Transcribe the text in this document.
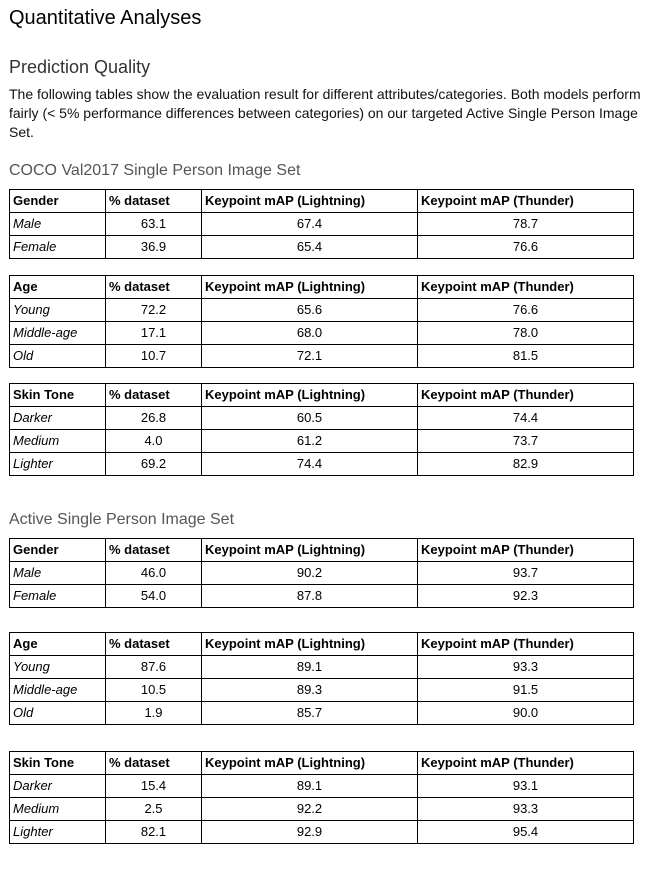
Quantitative Analyses
Prediction Quality

The following tables show the evaluation result for different attributes/categories. Both models perform fairly (< 5% performance differences between categories) on our targeted Active Single Person Image Set.

COCO Val2017 Single Person Image Set
Gender	% dataset	Keypoint mAP (Lightning)	Keypoint mAP (Thunder)
Male	63.1	67.4	78.7
Female	36.9	65.4	76.6
Age	% dataset	Keypoint mAP (Lightning)	Keypoint mAP (Thunder)
Young	72.2	65.6	76.6
Middle-age	17.1	68.0	78.0
Old	10.7	72.1	81.5
Skin Tone	% dataset	Keypoint mAP (Lightning)	Keypoint mAP (Thunder)
Darker	26.8	60.5	74.4
Medium	4.0	61.2	73.7
Lighter	69.2	74.4	82.9
Active Single Person Image Set
Gender	% dataset	Keypoint mAP (Lightning)	Keypoint mAP (Thunder)
Male	46.0	90.2	93.7
Female	54.0	87.8	92.3
Age	% dataset	Keypoint mAP (Lightning)	Keypoint mAP (Thunder)
Young	87.6	89.1	93.3
Middle-age	10.5	89.3	91.5
Old	1.9	85.7	90.0
Skin Tone	% dataset	Keypoint mAP (Lightning)	Keypoint mAP (Thunder)
Darker	15.4	89.1	93.1
Medium	2.5	92.2	93.3
Lighter	82.1	92.9	95.4
